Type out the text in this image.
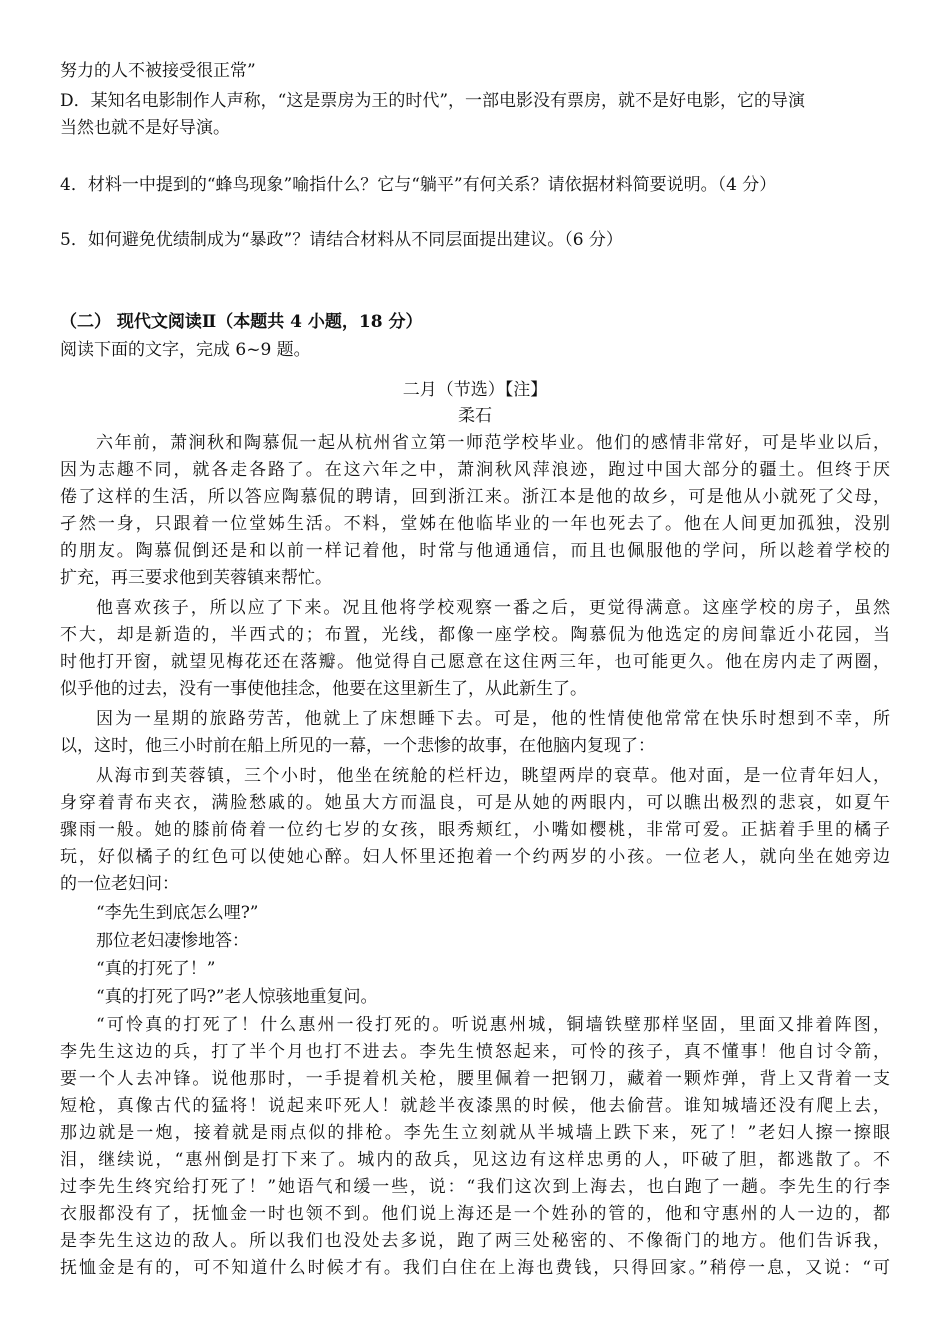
努力的人不被接受很正常”
D．某知名电影制作人声称，“这是票房为王的时代”，一部电影没有票房，就不是好电影，它的导演
当然也就不是好导演。
4．材料一中提到的“蜂鸟现象”喻指什么？它与“躺平”有何关系？请依据材料简要说明。（4 分）
5．如何避免优绩制成为“暴政”？请结合材料从不同层面提出建议。（6 分）
（二） 现代文阅读Ⅱ（本题共 4 小题，18 分）
阅读下面的文字，完成 6~9 题。
二月（节选）【注】
柔石
六年前，萧涧秋和陶慕侃一起从杭州省立第一师范学校毕业。他们的感情非常好，可是毕业以后，
因为志趣不同，就各走各路了。在这六年之中，萧涧秋风萍浪迹，跑过中国大部分的疆土。但终于厌
倦了这样的生活，所以答应陶慕侃的聘请，回到浙江来。浙江本是他的故乡，可是他从小就死了父母，
孑然一身，只跟着一位堂姊生活。不料，堂姊在他临毕业的一年也死去了。他在人间更加孤独，没别
的朋友。陶慕侃倒还是和以前一样记着他，时常与他通通信，而且也佩服他的学问，所以趁着学校的
扩充，再三要求他到芙蓉镇来帮忙。
他喜欢孩子，所以应了下来。况且他将学校观察一番之后，更觉得满意。这座学校的房子，虽然
不大，却是新造的，半西式的；布置，光线，都像一座学校。陶慕侃为他选定的房间靠近小花园，当
时他打开窗，就望见梅花还在落瓣。他觉得自己愿意在这住两三年，也可能更久。他在房内走了两圈，
似乎他的过去，没有一事使他挂念，他要在这里新生了，从此新生了。
因为一星期的旅路劳苦，他就上了床想睡下去。可是，他的性情使他常常在快乐时想到不幸，所
以，这时，他三小时前在船上所见的一幕，一个悲惨的故事，在他脑内复现了：
从海市到芙蓉镇，三个小时，他坐在统舱的栏杆边，眺望两岸的衰草。他对面，是一位青年妇人，
身穿着青布夹衣，满脸愁戚的。她虽大方而温良，可是从她的两眼内，可以瞧出极烈的悲哀，如夏午
骤雨一般。她的膝前倚着一位约七岁的女孩，眼秀颊红，小嘴如樱桃，非常可爱。正掂着手里的橘子
玩，好似橘子的红色可以使她心醉。妇人怀里还抱着一个约两岁的小孩。一位老人，就向坐在她旁边
的一位老妇问：
“李先生到底怎么哩?”
那位老妇凄惨地答：
“真的打死了！”
“真的打死了吗?”老人惊骇地重复问。
“可怜真的打死了！什么惠州一役打死的。听说惠州城，铜墙铁壁那样坚固，里面又排着阵图，
李先生这边的兵，打了半个月也打不进去。李先生愤怒起来，可怜的孩子，真不懂事！他自讨令箭，
要一个人去冲锋。说他那时，一手提着机关枪，腰里佩着一把钢刀，藏着一颗炸弹，背上又背着一支
短枪，真像古代的猛将！说起来吓死人！就趁半夜漆黑的时候，他去偷营。谁知城墙还没有爬上去，
那边就是一炮，接着就是雨点似的排枪。李先生立刻就从半城墙上跌下来，死了！”老妇人擦一擦眼
泪，继续说，“惠州倒是打下来了。城内的敌兵，见这边有这样忠勇的人，吓破了胆，都逃散了。不
过李先生终究给打死了！”她语气和缓一些，说：“我们这次到上海去，也白跑了一趟。李先生的行李
衣服都没有了，抚恤金一时也领不到。他们说上海还是一个姓孙的管的，他和守惠州的人一边的，都
是李先生这边的敌人。所以我们也没处去多说，跑了两三处秘密的、不像衙门的地方。他们告诉我，
抚恤金是有的，可不知道什么时候才有。我们白住在上海也费钱，只得回家。”稍停一息，又说：“可
